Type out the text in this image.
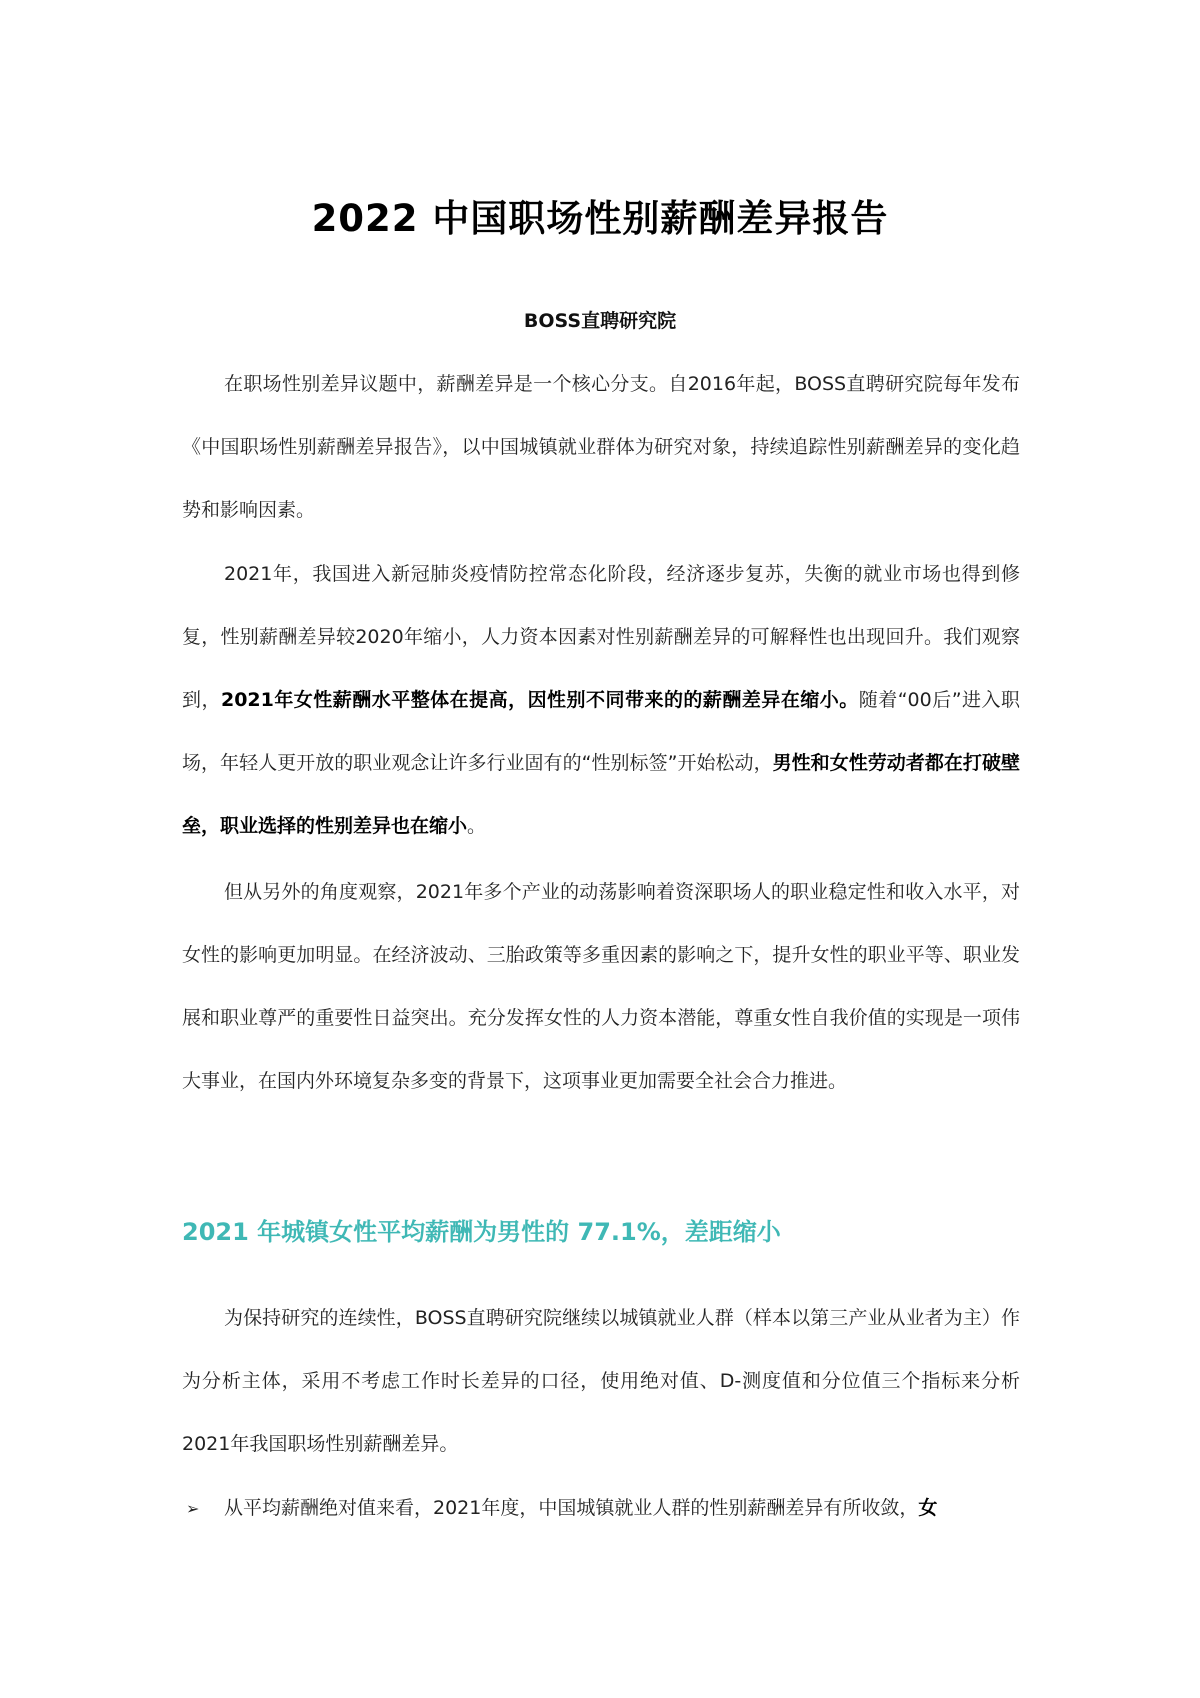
2022 中国职场性别薪酬差异报告

BOSS直聘研究院

在职场性别差异议题中，薪酬差异是一个核心分支。自2016年起，BOSS直聘研究院每年发布《中国职场性别薪酬差异报告》，以中国城镇就业群体为研究对象，持续追踪性别薪酬差异的变化趋势和影响因素。

2021年，我国进入新冠肺炎疫情防控常态化阶段，经济逐步复苏，失衡的就业市场也得到修复，性别薪酬差异较2020年缩小，人力资本因素对性别薪酬差异的可解释性也出现回升。我们观察到，2021年女性薪酬水平整体在提高，因性别不同带来的的薪酬差异在缩小。随着“00后”进入职场，年轻人更开放的职业观念让许多行业固有的“性别标签”开始松动，男性和女性劳动者都在打破壁垒，职业选择的性别差异也在缩小。

但从另外的角度观察，2021年多个产业的动荡影响着资深职场人的职业稳定性和收入水平，对女性的影响更加明显。在经济波动、三胎政策等多重因素的影响之下，提升女性的职业平等、职业发展和职业尊严的重要性日益突出。充分发挥女性的人力资本潜能，尊重女性自我价值的实现是一项伟大事业，在国内外环境复杂多变的背景下，这项事业更加需要全社会合力推进。

2021 年城镇女性平均薪酬为男性的 77.1%，差距缩小

为保持研究的连续性，BOSS直聘研究院继续以城镇就业人群（样本以第三产业从业者为主）作为分析主体，采用不考虑工作时长差异的口径，使用绝对值、D-测度值和分位值三个指标来分析2021年我国职场性别薪酬差异。

➢ 从平均薪酬绝对值来看，2021年度，中国城镇就业人群的性别薪酬差异有所收敛，女
